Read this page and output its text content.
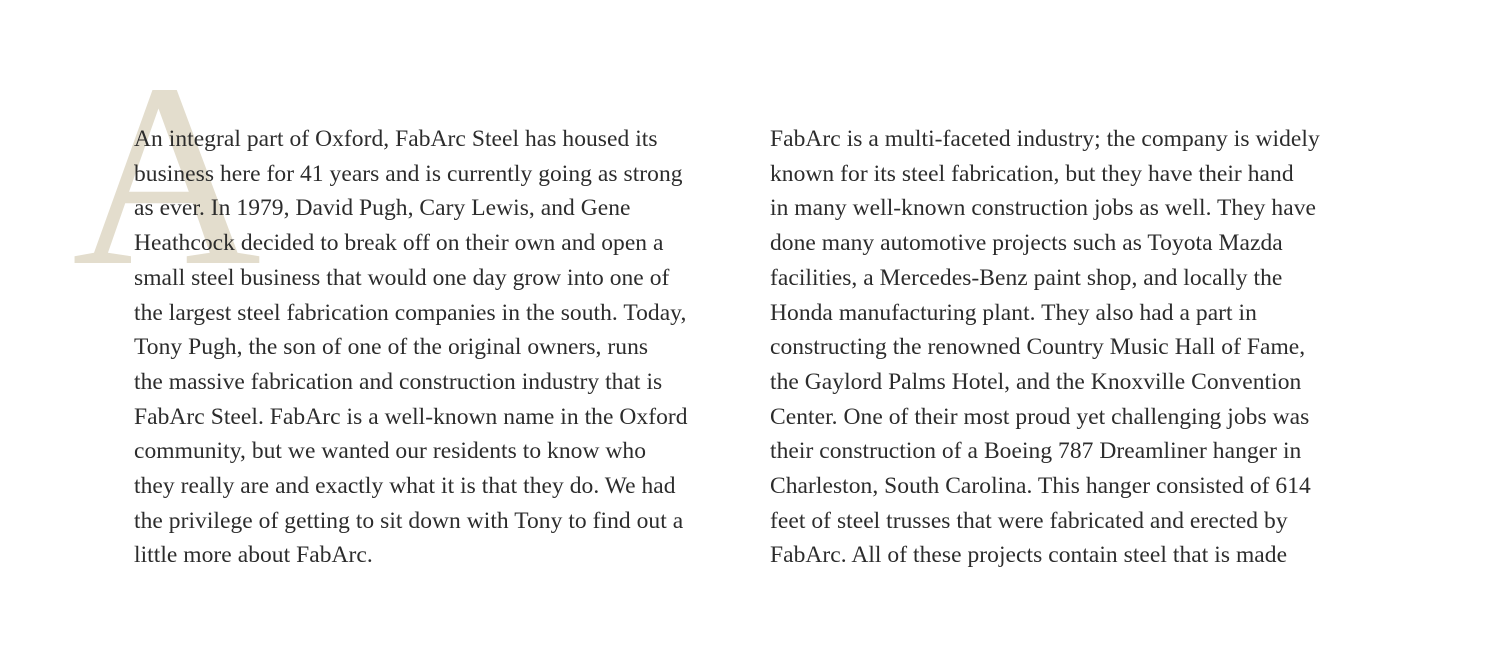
A
An integral part of Oxford, FabArc Steel has housed its
business here for 41 years and is currently going as strong
as ever. In 1979, David Pugh, Cary Lewis, and Gene
Heathcock decided to break off on their own and open a
small steel business that would one day grow into one of
the largest steel fabrication companies in the south. Today,
Tony Pugh, the son of one of the original owners, runs
the massive fabrication and construction industry that is
FabArc Steel. FabArc is a well-known name in the Oxford
community, but we wanted our residents to know who
they really are and exactly what it is that they do. We had
the privilege of getting to sit down with Tony to find out a
little more about FabArc.
FabArc is a multi-faceted industry; the company is widely
known for its steel fabrication, but they have their hand
in many well-known construction jobs as well. They have
done many automotive projects such as Toyota Mazda
facilities, a Mercedes-Benz paint shop, and locally the
Honda manufacturing plant. They also had a part in
constructing the renowned Country Music Hall of Fame,
the Gaylord Palms Hotel, and the Knoxville Convention
Center. One of their most proud yet challenging jobs was
their construction of a Boeing 787 Dreamliner hanger in
Charleston, South Carolina. This hanger consisted of 614
feet of steel trusses that were fabricated and erected by
FabArc. All of these projects contain steel that is made
